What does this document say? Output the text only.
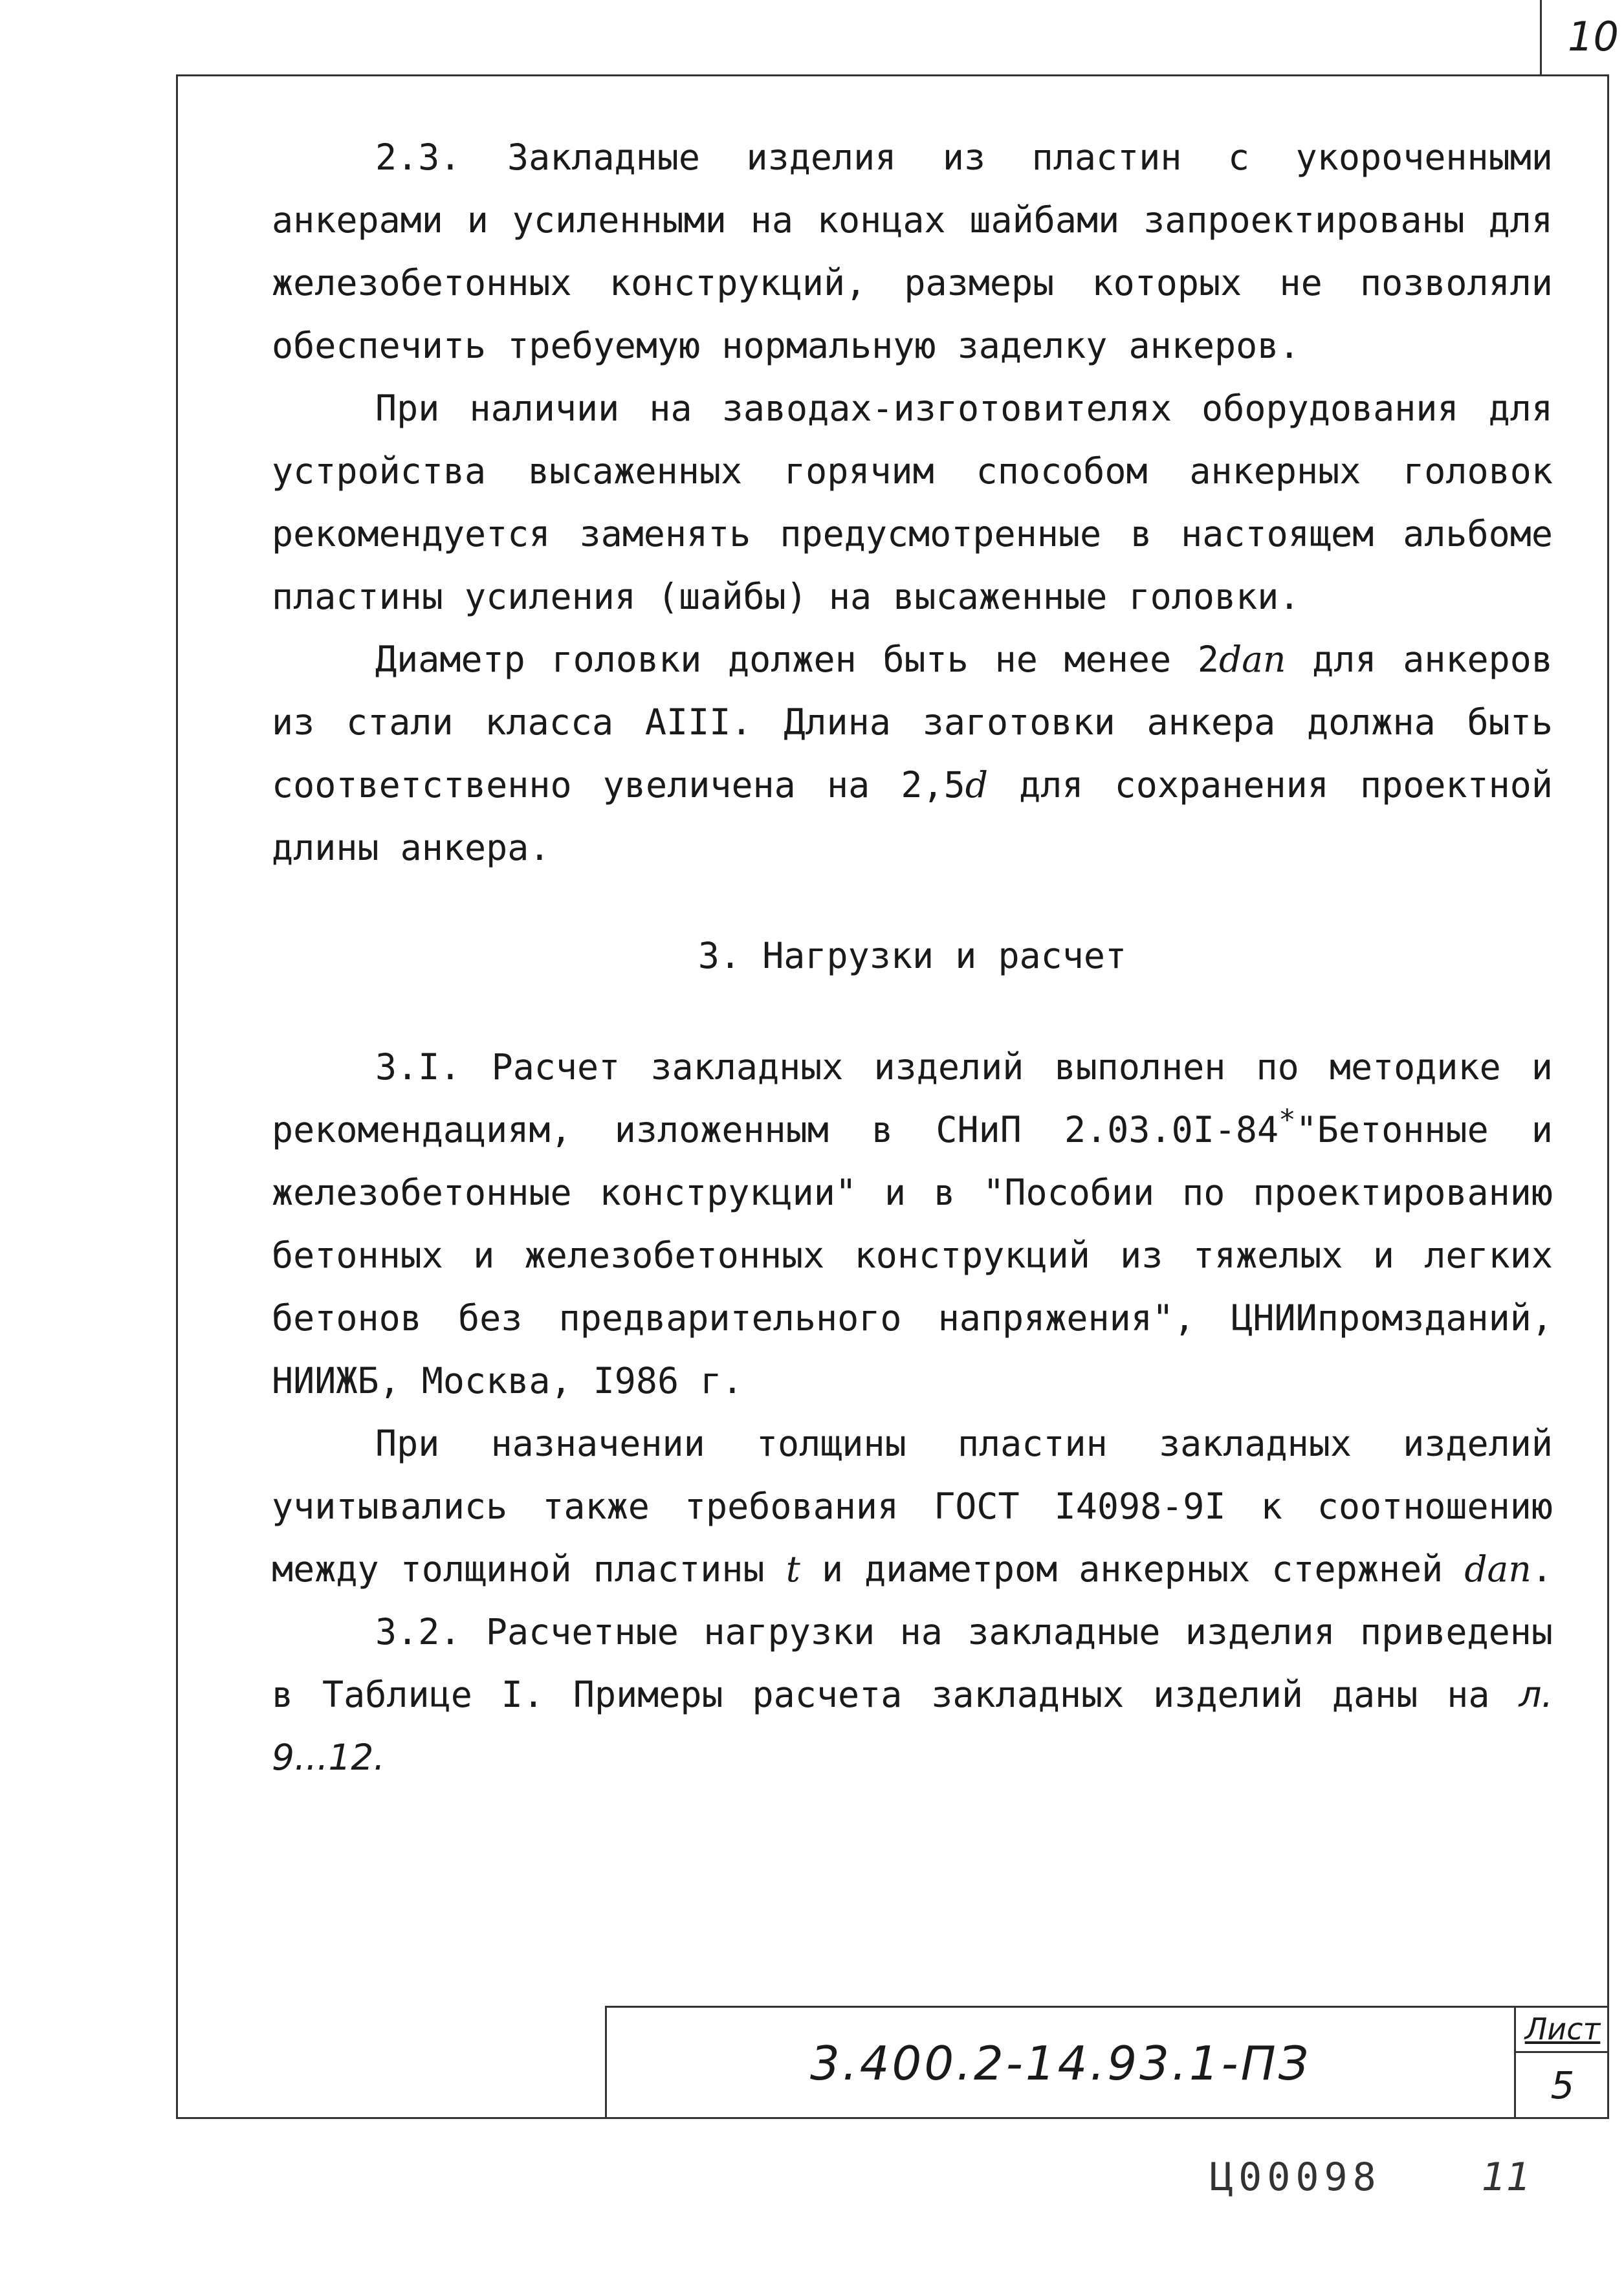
10

2.3. Закладные изделия из пластин с укороченными анкерами и усиленными на концах шайбами запроектированы для железобетонных конструкций, размеры которых не позволяли обеспечить требуемую нормальную заделку анкеров.

При наличии на заводах-изготовителях оборудования для устройства высаженных горячим способом анкерных головок рекомендуется заменять предусмотренные в настоящем альбоме пластины усиления (шайбы) на высаженные головки.

Диаметр головки должен быть не менее 2dan для анкеров из стали класса AIII. Длина заготовки анкера должна быть соответственно увеличена на 2,5d для сохранения проектной длины анкера.

3. Нагрузки и расчет

3.I. Расчет закладных изделий выполнен по методике и рекомендациям, изложенным в СНиП 2.03.0I-84*"Бетонные и железобетонные конструкции" и в "Пособии по проектированию бетонных и железобетонных конструкций из тяжелых и легких бетонов без предварительного напряжения", ЦНИИпромзданий, НИИЖБ, Москва, I986 г.

При назначении толщины пластин закладных изделий учитывались также требования ГОСТ I4098-9I к соотношению между толщиной пластины t и диаметром анкерных стержней dan.

3.2. Расчетные нагрузки на закладные изделия приведены в Таблице I. Примеры расчета закладных изделий даны на л. 9...12.

3.400.2-14.93.1-ПЗ
Лист
5
Ц00098	11
